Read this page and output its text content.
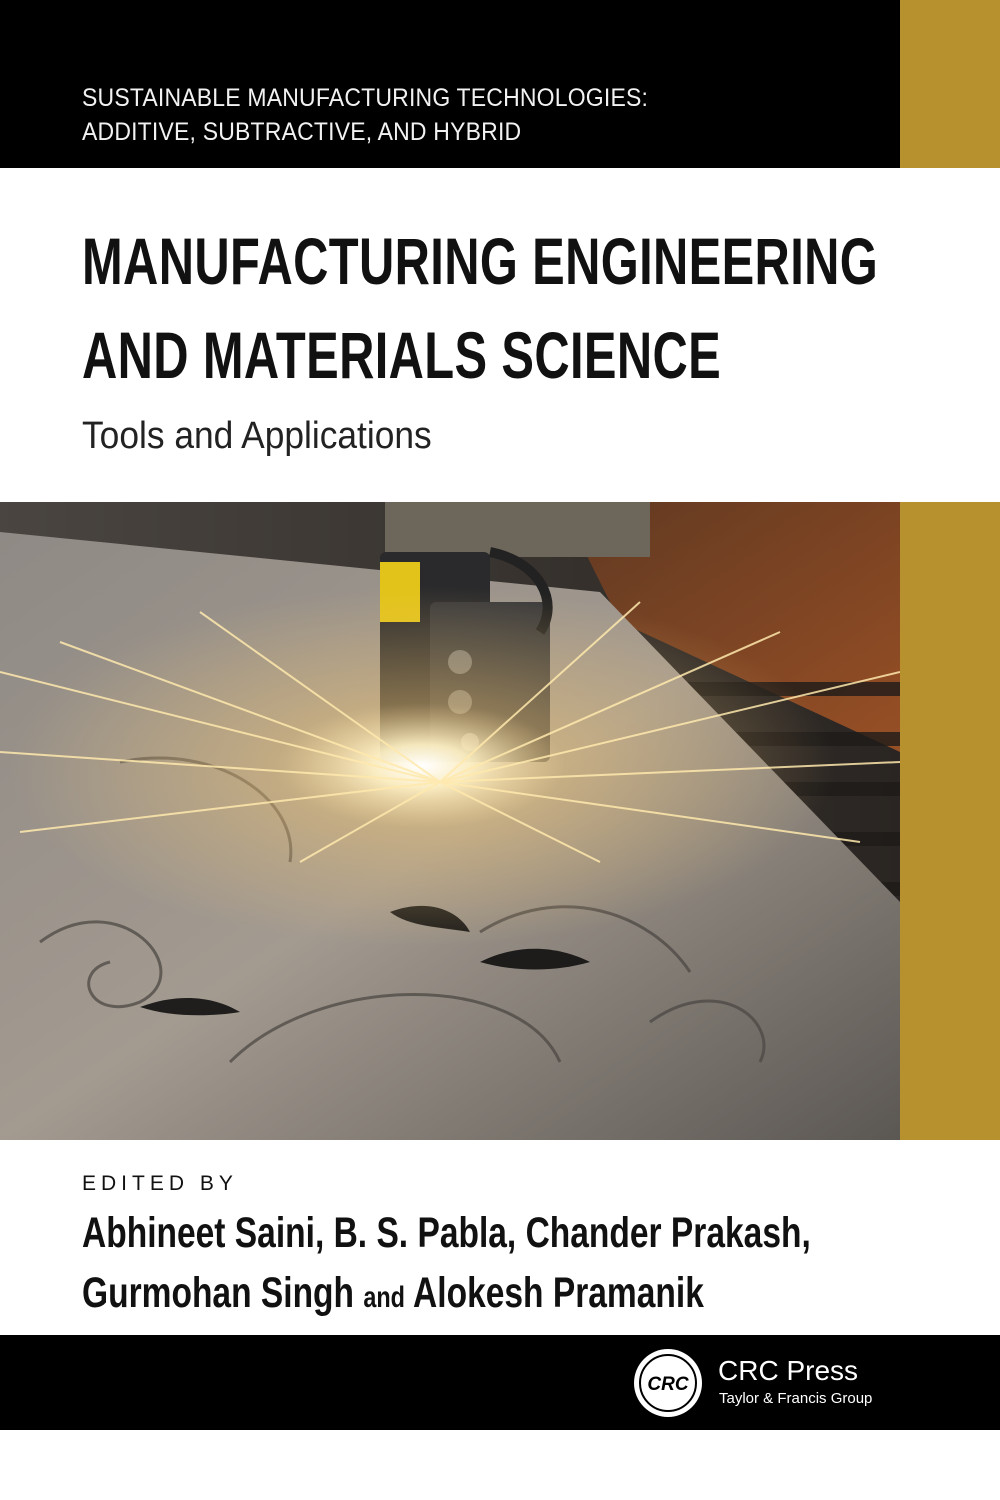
SUSTAINABLE MANUFACTURING TECHNOLOGIES:
ADDITIVE, SUBTRACTIVE, AND HYBRID
MANUFACTURING ENGINEERING
AND MATERIALS SCIENCE
Tools and Applications
EDITED BY
Abhineet Saini, B. S. Pabla, Chander Prakash,
Gurmohan Singh and Alokesh Pramanik
CRC CRC Press
Taylor & Francis Group
